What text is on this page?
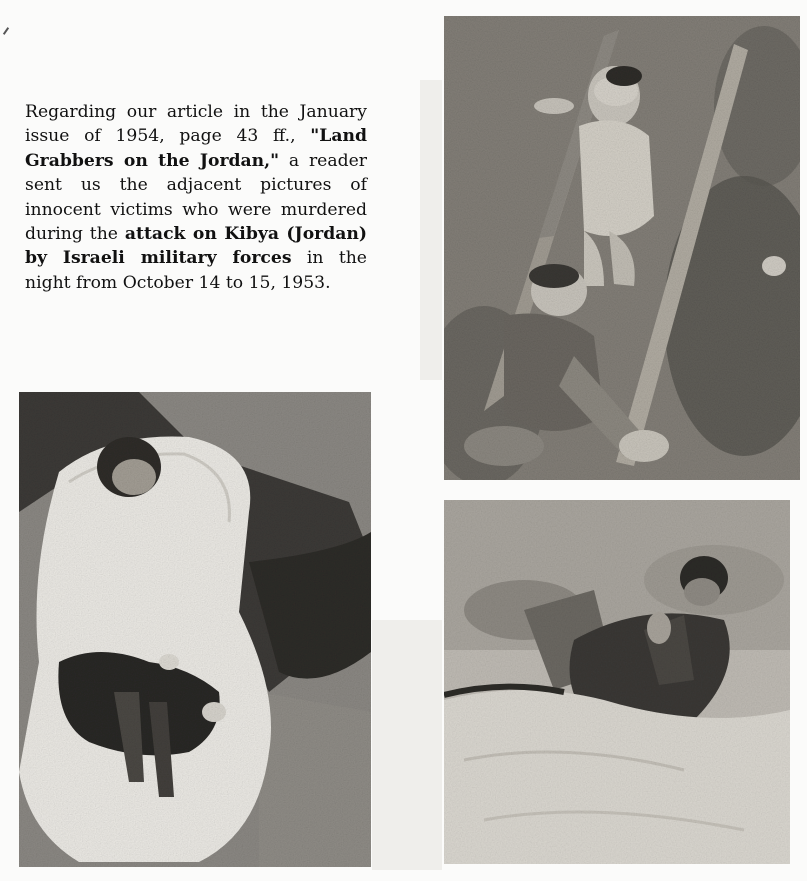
Regarding our article in the January issue of 1954, page 43 ff., "Land Grabbers on the Jordan," a reader sent us the adjacent pictures of innocent victims who were murdered during the attack on Kibya (Jordan) by Israeli military forces in the night from October 14 to 15, 1953.
